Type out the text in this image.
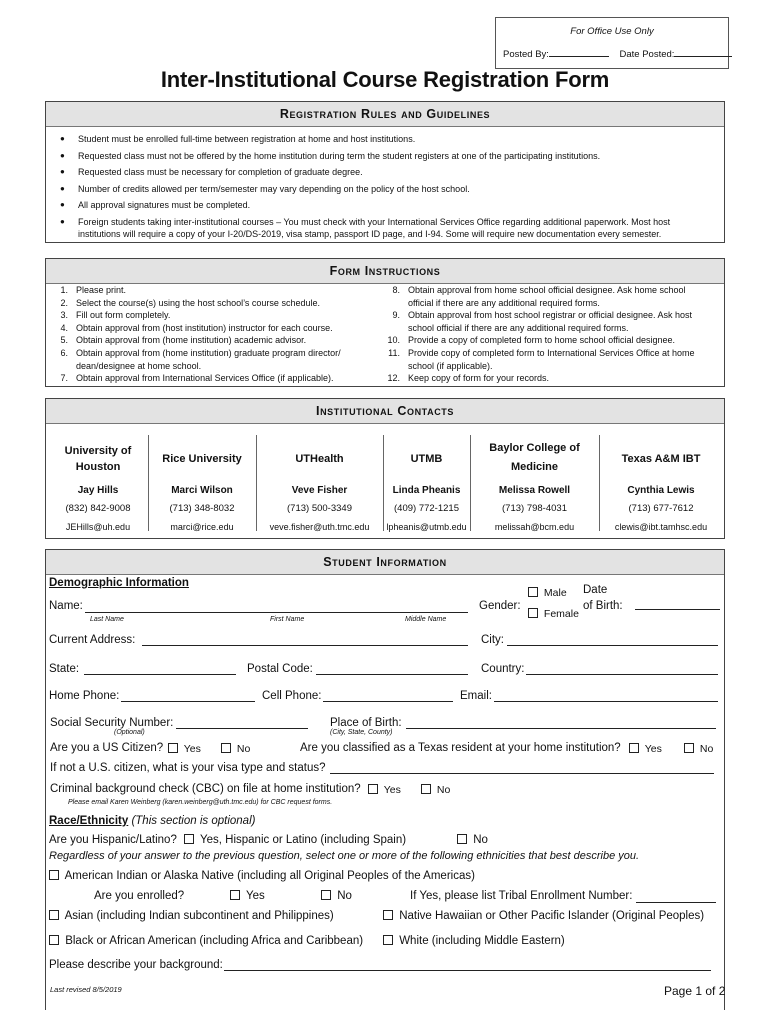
For Office Use Only
Posted By:	Date Posted:
Inter-Institutional Course Registration Form
Registration Rules and Guidelines
● Student must be enrolled full-time between registration at home and host institutions.
● Requested class must not be offered by the home institution during term the student registers at one of the participating institutions.
● Requested class must be necessary for completion of graduate degree.
● Number of credits allowed per term/semester may vary depending on the policy of the host school.
● All approval signatures must be completed.
● Foreign students taking inter-institutional courses – You must check with your International Services Office regarding additional paperwork. Most host institutions will require a copy of your I-20/DS-2019, visa stamp, passport ID page, and I-94. Some will require new documentation every semester.
Form Instructions
1. Please print.
2. Select the course(s) using the host school’s course schedule.
3. Fill out form completely.
4. Obtain approval from (host institution) instructor for each course.
5. Obtain approval from (home institution) academic advisor.
6. Obtain approval from (home institution) graduate program director/ dean/designee at home school.
7. Obtain approval from International Services Office (if applicable).
8. Obtain approval from home school official designee. Ask home school official if there are any additional required forms.
9. Obtain approval from host school registrar or official designee. Ask host school official if there are any additional required forms.
10. Provide a copy of completed form to home school official designee.
11. Provide copy of completed form to International Services Office at home school (if applicable).
12. Keep copy of form for your records.
Institutional Contacts
University of Houston
Jay Hills
(832) 842-9008
JEHills@uh.edu
Rice University
Marci Wilson
(713) 348-8032
marci@rice.edu
UTHealth
Veve Fisher
(713) 500-3349
veve.fisher@uth.tmc.edu
UTMB
Linda Pheanis
(409) 772-1215
lpheanis@utmb.edu
Baylor College of Medicine
Melissa Rowell
(713) 798-4031
melissah@bcm.edu
Texas A&M IBT
Cynthia Lewis
(713) 677-7612
clewis@ibt.tamhsc.edu
Student Information
Demographic Information
Name:
Last Name	First Name	Middle Name
Gender:
Male
Female
Date
of Birth:
Current Address:	City:
State:	Postal Code:	Country:
Home Phone:	Cell Phone:	Email:
Social Security Number:
(Optional)
Place of Birth:
(City, State, County)
Are you a US Citizen?	Yes	No	Are you classified as a Texas resident at your home institution?	Yes	No
If not a U.S. citizen, what is your visa type and status?
Criminal background check (CBC) on file at home institution?	Yes	No
Please email Karen Weinberg (karen.weinberg@uth.tmc.edu) for CBC request forms.
Race/Ethnicity (This section is optional)
Are you Hispanic/Latino?	Yes, Hispanic or Latino (including Spain)	No
Regardless of your answer to the previous question, select one or more of the following ethnicities that best describe you.
American Indian or Alaska Native (including all Original Peoples of the Americas)
Are you enrolled?	Yes	No	If Yes, please list Tribal Enrollment Number:
Asian (including Indian subcontinent and Philippines)	Native Hawaiian or Other Pacific Islander (Original Peoples)
Black or African American (including Africa and Caribbean)	White (including Middle Eastern)
Please describe your background:
Last revised 8/5/2019	Page 1 of 2
